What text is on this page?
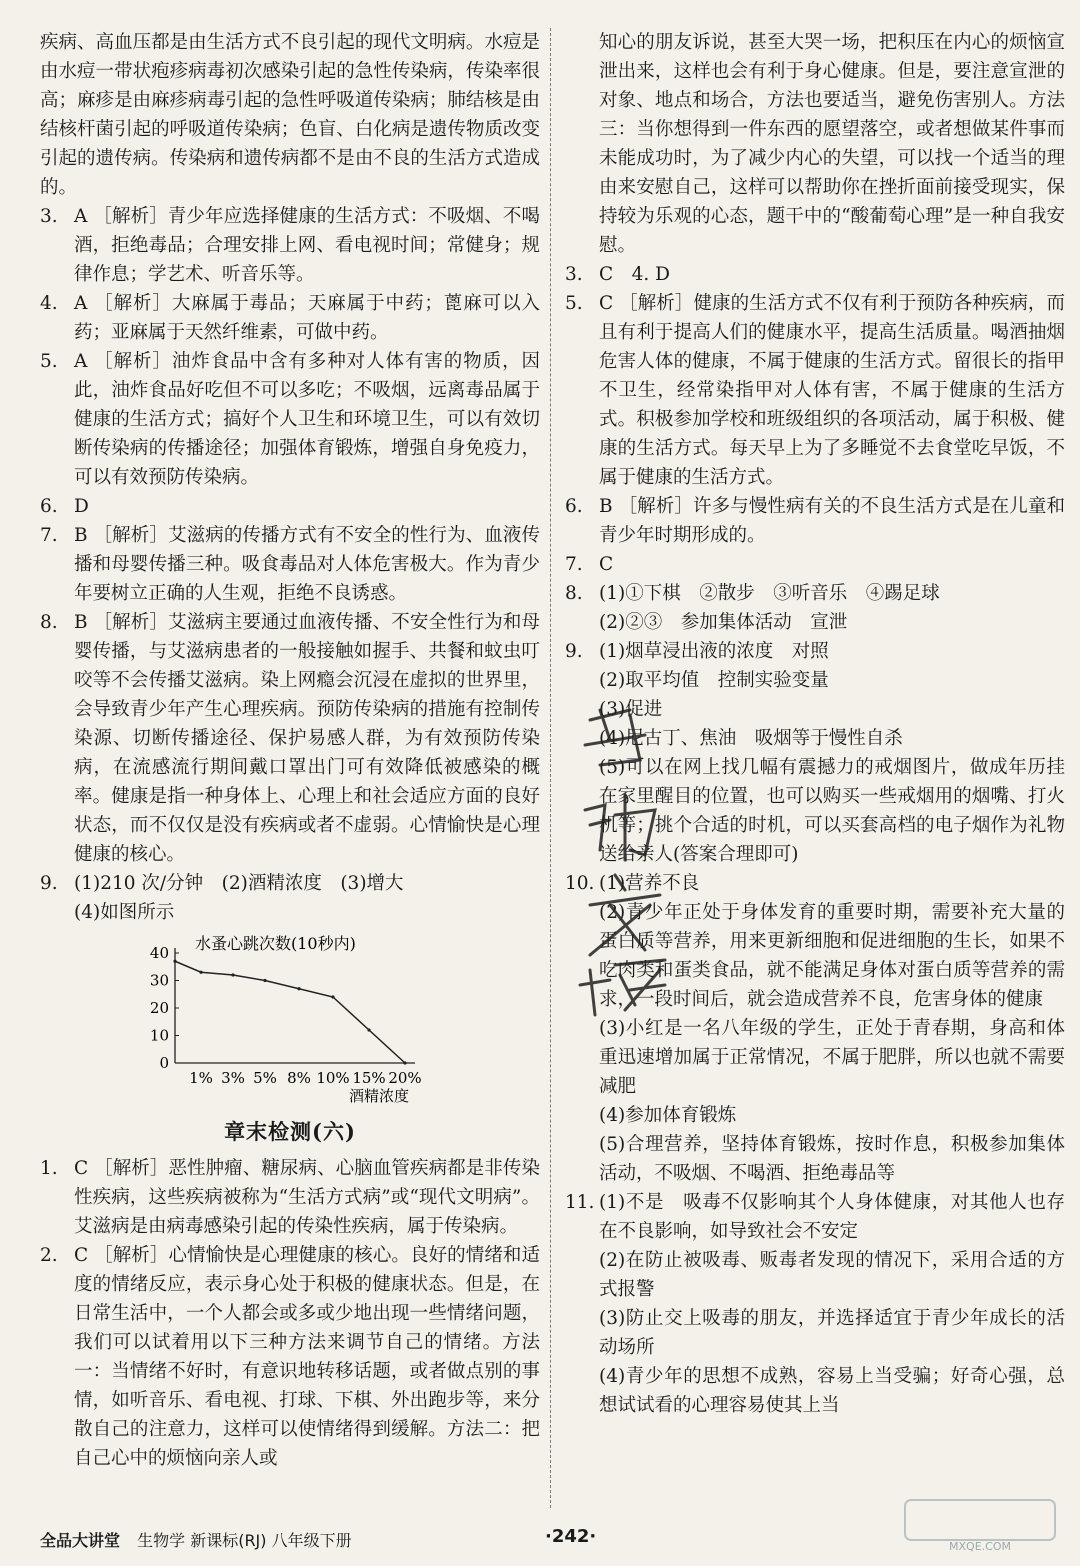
疾病、高血压都是由生活方式不良引起的现代文明病。水痘是由水痘一带状疱疹病毒初次感染引起的急性传染病，传染率很高；麻疹是由麻疹病毒引起的急性呼吸道传染病；肺结核是由结核杆菌引起的呼吸道传染病；色盲、白化病是遗传物质改变引起的遗传病。传染病和遗传病都不是由不良的生活方式造成的。
3. A ［解析］青少年应选择健康的生活方式：不吸烟、不喝酒，拒绝毒品；合理安排上网、看电视时间；常健身；规律作息；学艺术、听音乐等。
4. A ［解析］大麻属于毒品；天麻属于中药；蓖麻可以入药；亚麻属于天然纤维素，可做中药。
5. A ［解析］油炸食品中含有多种对人体有害的物质，因此，油炸食品好吃但不可以多吃；不吸烟，远离毒品属于健康的生活方式；搞好个人卫生和环境卫生，可以有效切断传染病的传播途径；加强体育锻炼，增强自身免疫力，可以有效预防传染病。
6. D
7. B ［解析］艾滋病的传播方式有不安全的性行为、血液传播和母婴传播三种。吸食毒品对人体危害极大。作为青少年要树立正确的人生观，拒绝不良诱惑。
8. B ［解析］艾滋病主要通过血液传播、不安全性行为和母婴传播，与艾滋病患者的一般接触如握手、共餐和蚊虫叮咬等不会传播艾滋病。染上网瘾会沉浸在虚拟的世界里，会导致青少年产生心理疾病。预防传染病的措施有控制传染源、切断传播途径、保护易感人群，为有效预防传染病，在流感流行期间戴口罩出门可有效降低被感染的概率。健康是指一种身体上、心理上和社会适应方面的良好状态，而不仅仅是没有疾病或者不虚弱。心情愉快是心理健康的核心。
9. (1)210 次/分钟　(2)酒精浓度　(3)增大
(4)如图所示
水蚤心跳次数(10秒内)
0
10
20
30
40
1% 3% 5% 8% 10% 15% 20%
酒精浓度
章末检测(六)
1. C ［解析］恶性肿瘤、糖尿病、心脑血管疾病都是非传染性疾病，这些疾病被称为“生活方式病”或“现代文明病”。艾滋病是由病毒感染引起的传染性疾病，属于传染病。
2. C ［解析］心情愉快是心理健康的核心。良好的情绪和适度的情绪反应，表示身心处于积极的健康状态。但是，在日常生活中，一个人都会或多或少地出现一些情绪问题，我们可以试着用以下三种方法来调节自己的情绪。方法一：当情绪不好时，有意识地转移话题，或者做点别的事情，如听音乐、看电视、打球、下棋、外出跑步等，来分散自己的注意力，这样可以使情绪得到缓解。方法二：把自己心中的烦恼向亲人或
知心的朋友诉说，甚至大哭一场，把积压在内心的烦恼宣泄出来，这样也会有利于身心健康。但是，要注意宣泄的对象、地点和场合，方法也要适当，避免伤害别人。方法三：当你想得到一件东西的愿望落空，或者想做某件事而未能成功时，为了减少内心的失望，可以找一个适当的理由来安慰自己，这样可以帮助你在挫折面前接受现实，保持较为乐观的心态，题干中的“酸葡萄心理”是一种自我安慰。
3. C　4. D
5. C ［解析］健康的生活方式不仅有利于预防各种疾病，而且有利于提高人们的健康水平，提高生活质量。喝酒抽烟危害人体的健康，不属于健康的生活方式。留很长的指甲不卫生，经常染指甲对人体有害，不属于健康的生活方式。积极参加学校和班级组织的各项活动，属于积极、健康的生活方式。每天早上为了多睡觉不去食堂吃早饭，不属于健康的生活方式。
6. B ［解析］许多与慢性病有关的不良生活方式是在儿童和青少年时期形成的。
7. C
8. (1)①下棋　②散步　③听音乐　④踢足球
(2)②③　参加集体活动　宣泄
9. (1)烟草浸出液的浓度　对照
(2)取平均值　控制实验变量
(3)促进
(4)尼古丁、焦油　吸烟等于慢性自杀
(5)可以在网上找几幅有震撼力的戒烟图片，做成年历挂在家里醒目的位置，也可以购买一些戒烟用的烟嘴、打火机等；挑个合适的时机，可以买套高档的电子烟作为礼物送给亲人(答案合理即可)
10. (1)营养不良
(2)青少年正处于身体发育的重要时期，需要补充大量的蛋白质等营养，用来更新细胞和促进细胞的生长，如果不吃肉类和蛋类食品，就不能满足身体对蛋白质等营养的需求，一段时间后，就会造成营养不良，危害身体的健康
(3)小红是一名八年级的学生，正处于青春期，身高和体重迅速增加属于正常情况，不属于肥胖，所以也就不需要减肥
(4)参加体育锻炼
(5)合理营养，坚持体育锻炼，按时作息，积极参加集体活动，不吸烟、不喝酒、拒绝毒品等
11. (1)不是　吸毒不仅影响其个人身体健康，对其他人也存在不良影响，如导致社会不安定
(2)在防止被吸毒、贩毒者发现的情况下，采用合适的方式报警
(3)防止交上吸毒的朋友，并选择适宜于青少年成长的活动场所
(4)青少年的思想不成熟，容易上当受骗；好奇心强，总想试试看的心理容易使其上当
全品大讲堂 生物学 新课标(RJ) 八年级下册	·242·	MXQE.COM
